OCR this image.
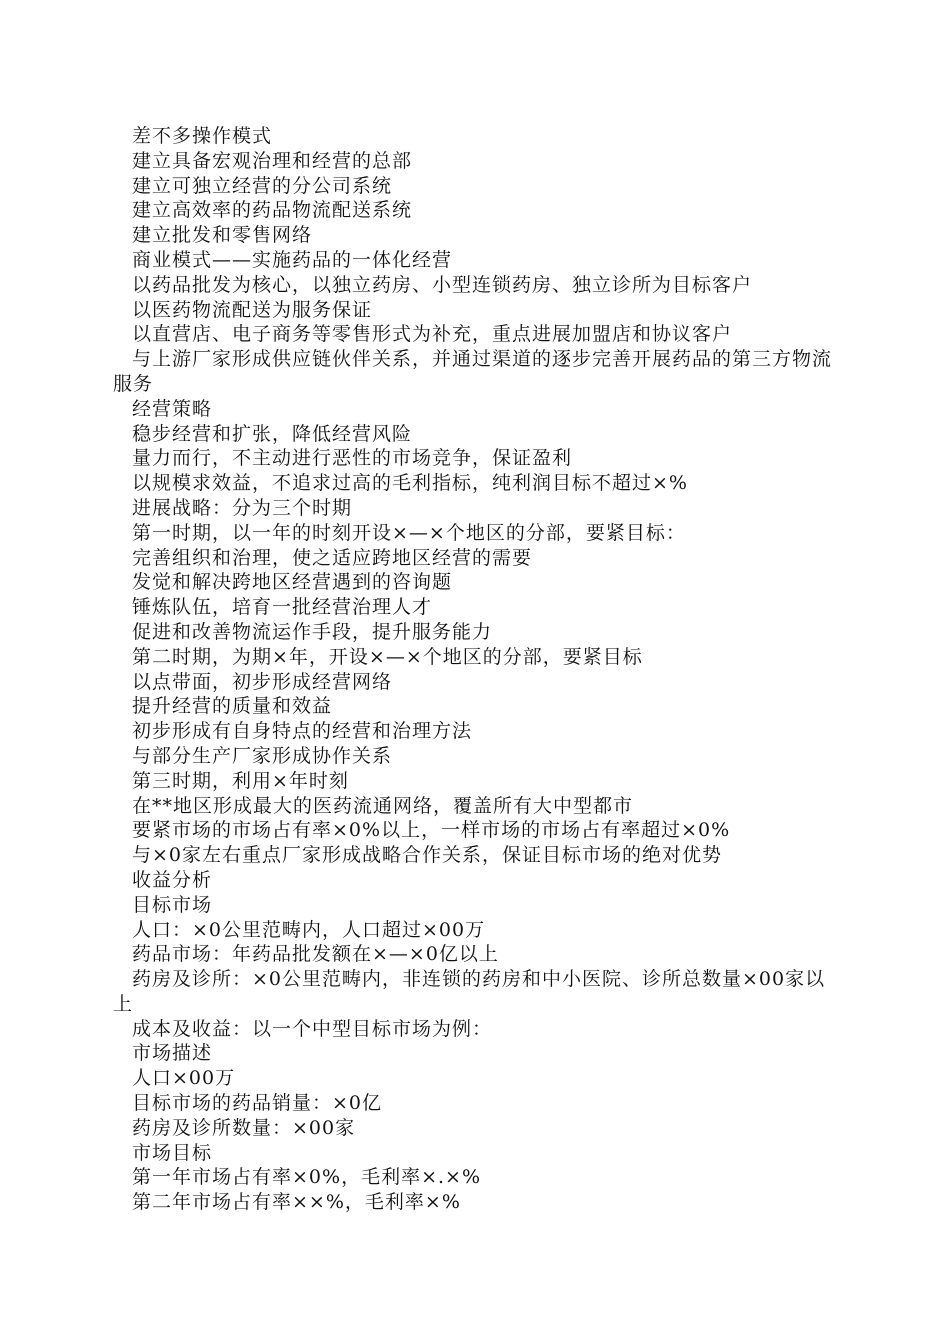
差不多操作模式

建立具备宏观治理和经营的总部

建立可独立经营的分公司系统

建立高效率的药品物流配送系统

建立批发和零售网络

商业模式——实施药品的一体化经营

以药品批发为核心，以独立药房、小型连锁药房、独立诊所为目标客户

以医药物流配送为服务保证

以直营店、电子商务等零售形式为补充，重点进展加盟店和协议客户

与上游厂家形成供应链伙伴关系，并通过渠道的逐步完善开展药品的第三方物流服务

经营策略

稳步经营和扩张，降低经营风险

量力而行，不主动进行恶性的市场竞争，保证盈利

以规模求效益，不追求过高的毛利指标，纯利润目标不超过×%

进展战略：分为三个时期

第一时期，以一年的时刻开设×—×个地区的分部，要紧目标：

完善组织和治理，使之适应跨地区经营的需要

发觉和解决跨地区经营遇到的咨询题

锤炼队伍，培育一批经营治理人才

促进和改善物流运作手段，提升服务能力

第二时期，为期×年，开设×—×个地区的分部，要紧目标

以点带面，初步形成经营网络

提升经营的质量和效益

初步形成有自身特点的经营和治理方法

与部分生产厂家形成协作关系

第三时期，利用×年时刻

在**地区形成最大的医药流通网络，覆盖所有大中型都市

要紧市场的市场占有率×0%以上，一样市场的市场占有率超过×0%

与×0家左右重点厂家形成战略合作关系，保证目标市场的绝对优势

收益分析

目标市场

人口：×0公里范畴内，人口超过×00万

药品市场：年药品批发额在×—×0亿以上

药房及诊所：×0公里范畴内，非连锁的药房和中小医院、诊所总数量×00家以上

成本及收益：以一个中型目标市场为例：

市场描述

人口×00万

目标市场的药品销量：×0亿

药房及诊所数量：×00家

市场目标

第一年市场占有率×0%，毛利率×.×%

第二年市场占有率××%，毛利率×%
